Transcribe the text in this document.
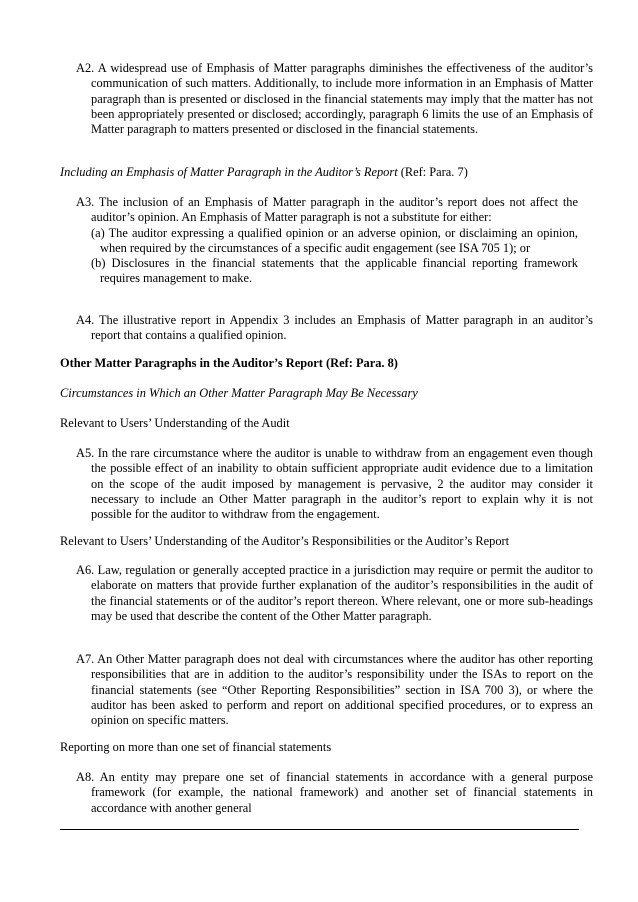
A2. A widespread use of Emphasis of Matter paragraphs diminishes the effectiveness of the auditor’s communication of such matters. Additionally, to include more information in an Emphasis of Matter paragraph than is presented or disclosed in the financial statements may imply that the matter has not been appropriately presented or disclosed; accordingly, paragraph 6 limits the use of an Emphasis of Matter paragraph to matters presented or disclosed in the financial statements.

Including an Emphasis of Matter Paragraph in the Auditor’s Report (Ref: Para. 7)

A3. The inclusion of an Emphasis of Matter paragraph in the auditor’s report does not affect the auditor’s opinion. An Emphasis of Matter paragraph is not a substitute for either:

(a) The auditor expressing a qualified opinion or an adverse opinion, or disclaiming an opinion, when required by the circumstances of a specific audit engagement (see ISA 705 1); or

(b) Disclosures in the financial statements that the applicable financial reporting framework requires management to make.

A4. The illustrative report in Appendix 3 includes an Emphasis of Matter paragraph in an auditor’s report that contains a qualified opinion.

Other Matter Paragraphs in the Auditor’s Report (Ref: Para. 8)

Circumstances in Which an Other Matter Paragraph May Be Necessary

Relevant to Users’ Understanding of the Audit

A5. In the rare circumstance where the auditor is unable to withdraw from an engagement even though the possible effect of an inability to obtain sufficient appropriate audit evidence due to a limitation on the scope of the audit imposed by management is pervasive, 2 the auditor may consider it necessary to include an Other Matter paragraph in the auditor’s report to explain why it is not possible for the auditor to withdraw from the engagement.

Relevant to Users’ Understanding of the Auditor’s Responsibilities or the Auditor’s Report

A6. Law, regulation or generally accepted practice in a jurisdiction may require or permit the auditor to elaborate on matters that provide further explanation of the auditor’s responsibilities in the audit of the financial statements or of the auditor’s report thereon. Where relevant, one or more sub-headings may be used that describe the content of the Other Matter paragraph.

A7. An Other Matter paragraph does not deal with circumstances where the auditor has other reporting responsibilities that are in addition to the auditor’s responsibility under the ISAs to report on the financial statements (see “Other Reporting Responsibilities” section in ISA 700 3), or where the auditor has been asked to perform and report on additional specified procedures, or to express an opinion on specific matters.

Reporting on more than one set of financial statements

A8. An entity may prepare one set of financial statements in accordance with a general purpose framework (for example, the national framework) and another set of financial statements in accordance with another general
